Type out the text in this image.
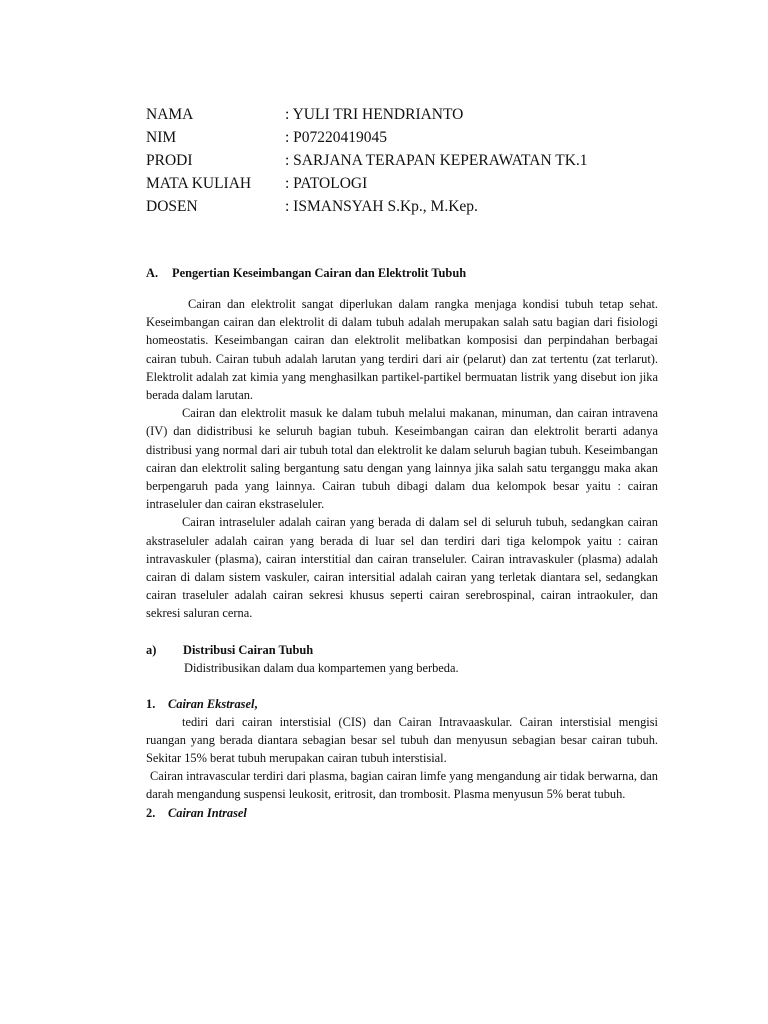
NAMA	: YULI TRI HENDRIANTO
NIM	: P07220419045
PRODI	: SARJANA TERAPAN KEPERAWATAN TK.1
MATA KULIAH : PATOLOGI
DOSEN	: ISMANSYAH S.Kp., M.Kep.
A. Pengertian Keseimbangan Cairan dan Elektrolit Tubuh

Cairan dan elektrolit sangat diperlukan dalam rangka menjaga kondisi tubuh tetap sehat. Keseimbangan cairan dan elektrolit di dalam tubuh adalah merupakan salah satu bagian dari fisiologi homeostatis. Keseimbangan cairan dan elektrolit melibatkan komposisi dan perpindahan berbagai cairan tubuh. Cairan tubuh adalah larutan yang terdiri dari air (pelarut) dan zat tertentu (zat terlarut). Elektrolit adalah zat kimia yang menghasilkan partikel-partikel bermuatan listrik yang disebut ion jika berada dalam larutan.

Cairan dan elektrolit masuk ke dalam tubuh melalui makanan, minuman, dan cairan intravena (IV) dan didistribusi ke seluruh bagian tubuh. Keseimbangan cairan dan elektrolit berarti adanya distribusi yang normal dari air tubuh total dan elektrolit ke dalam seluruh bagian tubuh. Keseimbangan cairan dan elektrolit saling bergantung satu dengan yang lainnya jika salah satu terganggu maka akan berpengaruh pada yang lainnya. Cairan tubuh dibagi dalam dua kelompok besar yaitu : cairan intraseluler dan cairan ekstraseluler.

Cairan intraseluler adalah cairan yang berada di dalam sel di seluruh tubuh, sedangkan cairan akstraseluler adalah cairan yang berada di luar sel dan terdiri dari tiga kelompok yaitu : cairan intravaskuler (plasma), cairan interstitial dan cairan transeluler. Cairan intravaskuler (plasma) adalah cairan di dalam sistem vaskuler, cairan intersitial adalah cairan yang terletak diantara sel, sedangkan cairan traseluler adalah cairan sekresi khusus seperti cairan serebrospinal, cairan intraokuler, dan sekresi saluran cerna.

a) Distribusi Cairan Tubuh

Didistribusikan dalam dua kompartemen yang berbeda.

1. Cairan Ekstrasel,

tediri dari cairan interstisial (CIS) dan Cairan Intravaaskular. Cairan interstisial mengisi ruangan yang berada diantara sebagian besar sel tubuh dan menyusun sebagian besar cairan tubuh. Sekitar 15% berat tubuh merupakan cairan tubuh interstisial.

Cairan intravascular terdiri dari plasma, bagian cairan limfe yang mengandung air tidak berwarna, dan darah mengandung suspensi leukosit, eritrosit, dan trombosit. Plasma menyusun 5% berat tubuh.

2. Cairan Intrasel
